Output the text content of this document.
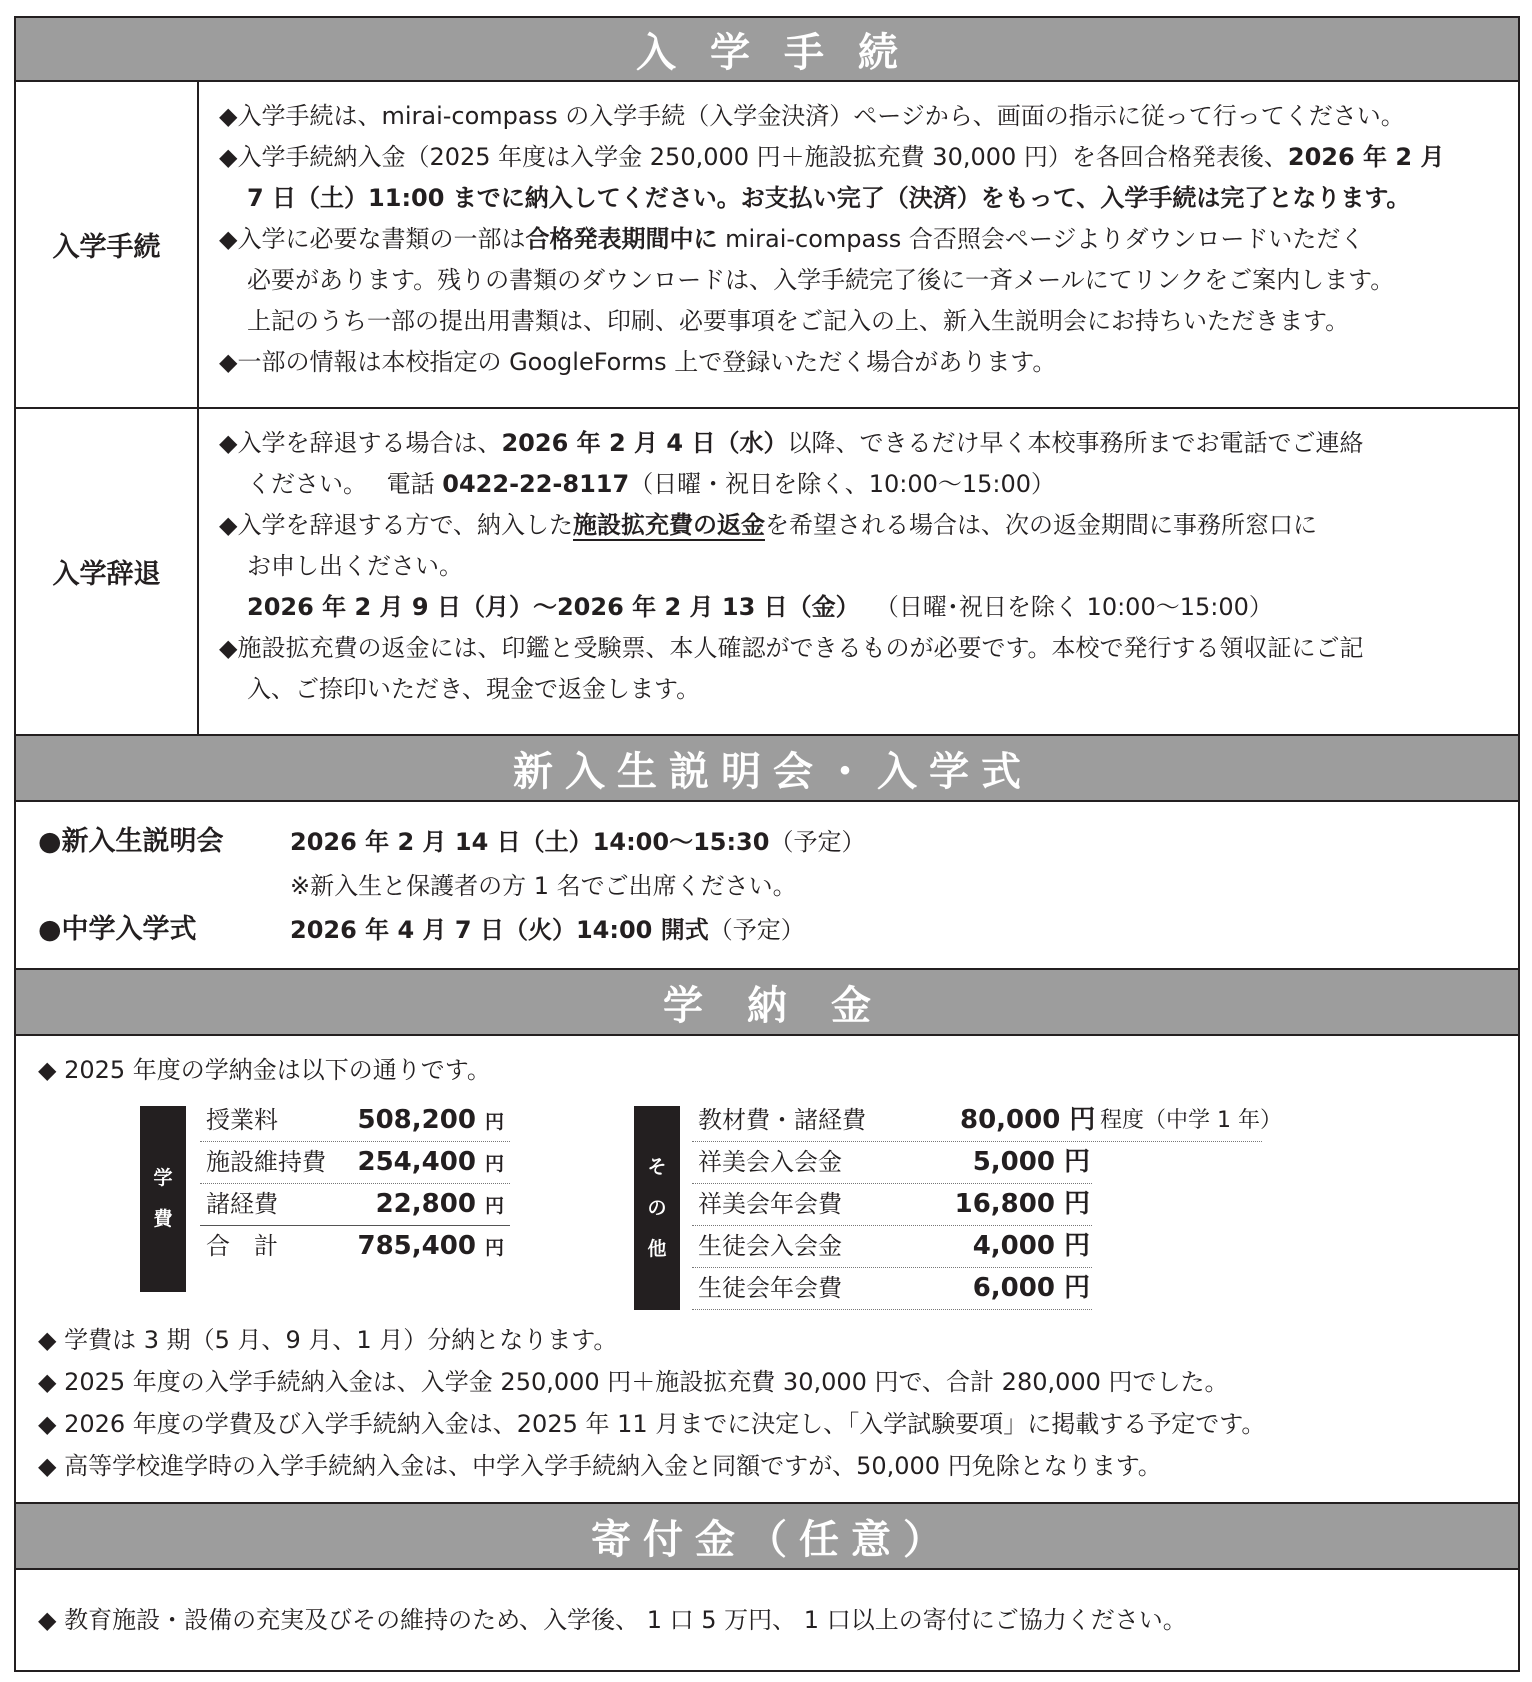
入学手続
入学手続
◆入学手続は、mirai-compass の入学手続（入学金決済）ページから、画面の指示に従って行ってください。
◆入学手続納入金（2025 年度は入学金 250,000 円＋施設拡充費 30,000 円）を各回合格発表後、2026 年 2 月
7 日（土）11:00 までに納入してください。お支払い完了（決済）をもって、入学手続は完了となります。
◆入学に必要な書類の一部は合格発表期間中に mirai-compass 合否照会ページよりダウンロードいただく
必要があります。残りの書類のダウンロードは、入学手続完了後に一斉メールにてリンクをご案内します。
上記のうち一部の提出用書類は、印刷、必要事項をご記入の上、新入生説明会にお持ちいただきます。
◆一部の情報は本校指定の GoogleForms 上で登録いただく場合があります。
入学辞退
◆入学を辞退する場合は、2026 年 2 月 4 日（水）以降、できるだけ早く本校事務所までお電話でご連絡
ください。　 電話 0422-22-8117（日曜・祝日を除く、10:00～15:00）
◆入学を辞退する方で、納入した施設拡充費の返金を希望される場合は、次の返金期間に事務所窓口に
お申し出ください。
2026 年 2 月 9 日（月）～2026 年 2 月 13 日（金） （日曜･祝日を除く 10:00～15:00）
◆施設拡充費の返金には、印鑑と受験票、本人確認ができるものが必要です。本校で発行する領収証にご記
入、ご捺印いただき、現金で返金します。
新入生説明会・入学式
●新入生説明会	2026 年 2 月 14 日（土）14:00～15:30（予定）
※新入生と保護者の方 1 名でご出席ください。
●中学入学式	2026 年 4 月 7 日（火）14:00 開式（予定）
学納金
◆ 2025 年度の学納金は以下の通りです。
学
費
授業料	508,200 円
施設維持費 254,400 円
諸経費	22,800 円
合　計	785,400 円
そ
の
他
教材費・諸経費	80,000 円 程度（中学 1 年）
祥美会入会金	5,000 円
祥美会年会費	16,800 円
生徒会入会金	4,000 円
生徒会年会費	6,000 円
◆ 学費は 3 期（5 月、9 月、1 月）分納となります。
◆ 2025 年度の入学手続納入金は、入学金 250,000 円＋施設拡充費 30,000 円で、合計 280,000 円でした。
◆ 2026 年度の学費及び入学手続納入金は、2025 年 11 月までに決定し、「入学試験要項」に掲載する予定です。
◆ 高等学校進学時の入学手続納入金は、中学入学手続納入金と同額ですが、50,000 円免除となります。
寄付金（任意）
◆ 教育施設・設備の充実及びその維持のため、入学後、 1 口 5 万円、 1 口以上の寄付にご協力ください。
